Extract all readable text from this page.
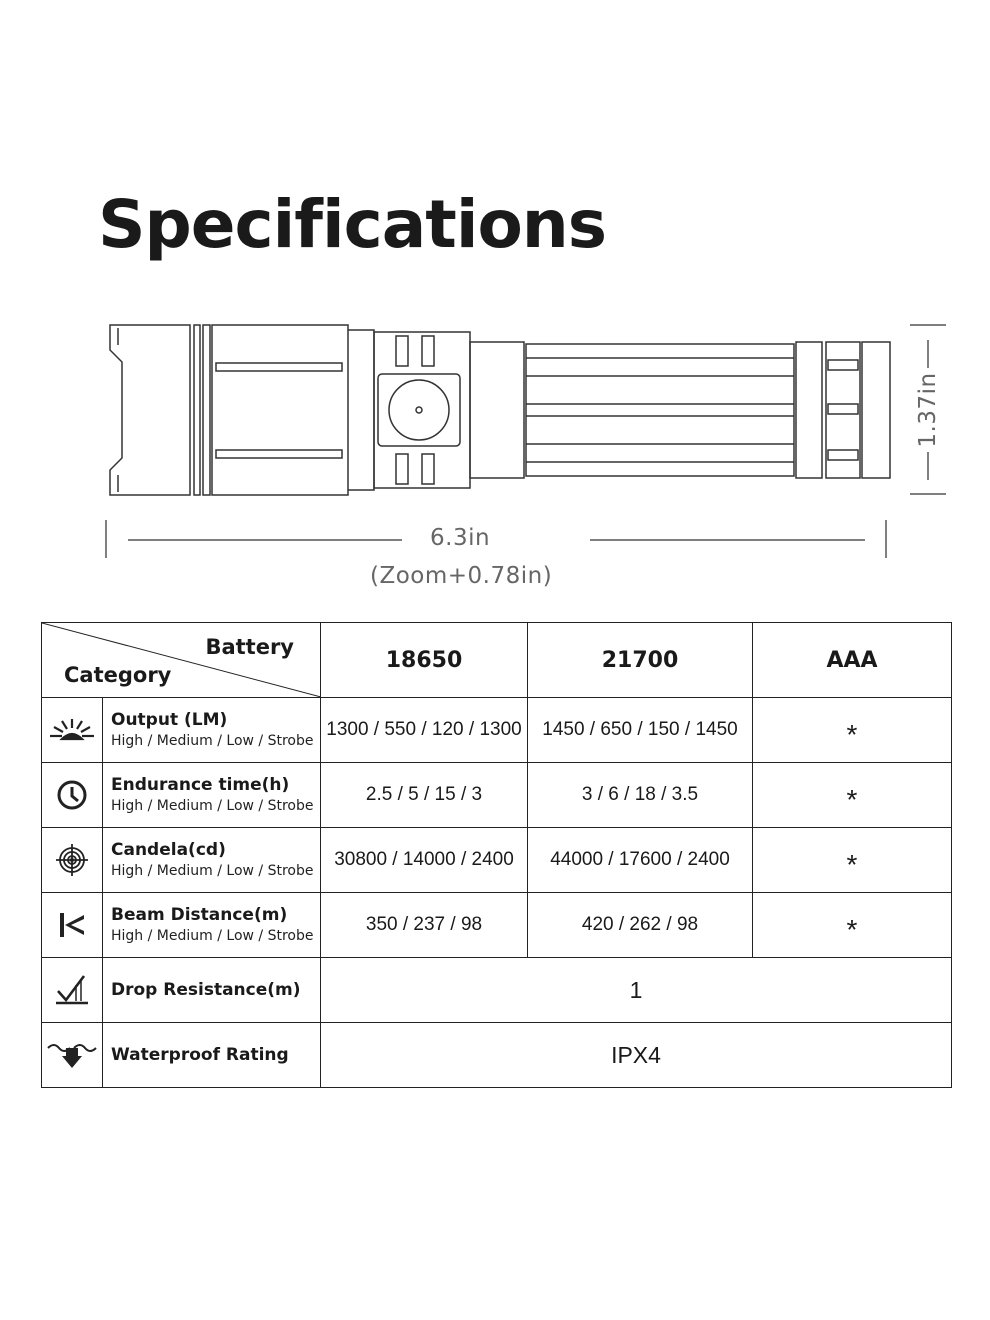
Specifications
6.3in
(Zoom+0.78in)
1.37in
Battery
Category		18650	21700	AAA

Output (LM)
High / Medium / Low / Strobe	1300 / 550 / 120 / 1300	1450 / 650 / 150 / 1450	*

Endurance time(h)
High / Medium / Low / Strobe	2.5 / 5 / 15 / 3	3 / 6 / 18 / 3.5	*

Candela(cd)
High / Medium / Low / Strobe	30800 / 14000 / 2400	44000 / 17600 / 2400	*

Beam Distance(m)
High / Medium / Low / Strobe	350 / 237 / 98	420 / 262 / 98	*

Drop Resistance(m)	1		

Waterproof Rating	IPX4		
